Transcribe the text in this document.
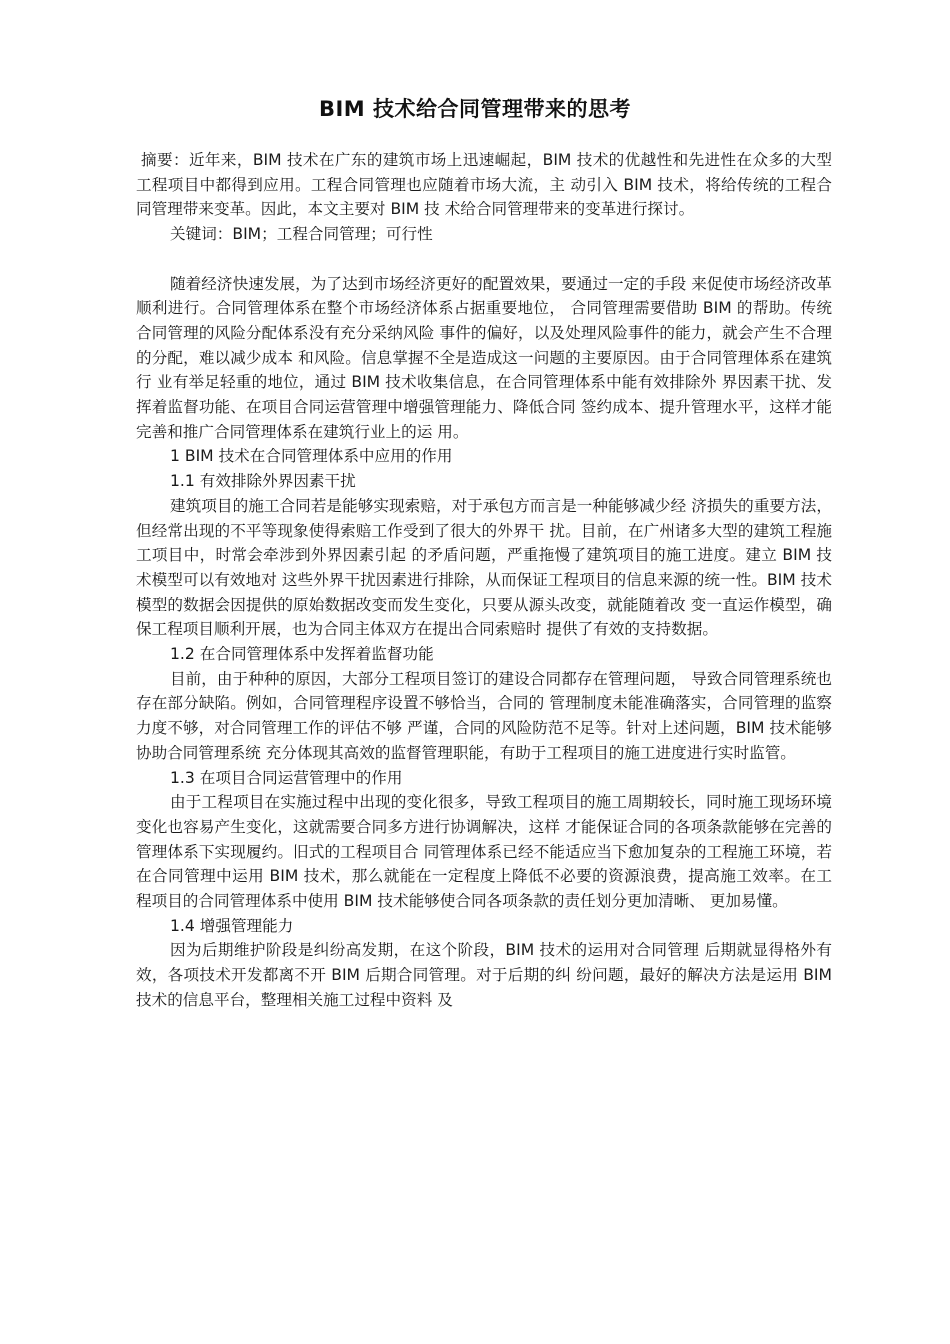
BIM 技术给合同管理带来的思考

摘要：近年来，BIM 技术在广东的建筑市场上迅速崛起，BIM 技术的优越性和先进性在众多的大型工程项目中都得到应用。工程合同管理也应随着市场大流，主 动引入 BIM 技术，将给传统的工程合同管理带来变革。因此，本文主要对 BIM 技 术给合同管理带来的变革进行探讨。

关键词：BIM；工程合同管理；可行性

随着经济快速发展，为了达到市场经济更好的配置效果，要通过一定的手段 来促使市场经济改革顺利进行。合同管理体系在整个市场经济体系占据重要地位， 合同管理需要借助 BIM 的帮助。传统合同管理的风险分配体系没有充分采纳风险 事件的偏好，以及处理风险事件的能力，就会产生不合理的分配，难以减少成本 和风险。信息掌握不全是造成这一问题的主要原因。由于合同管理体系在建筑行 业有举足轻重的地位，通过 BIM 技术收集信息，在合同管理体系中能有效排除外 界因素干扰、发挥着监督功能、在项目合同运营管理中增强管理能力、降低合同 签约成本、提升管理水平，这样才能完善和推广合同管理体系在建筑行业上的运 用。

1 BIM 技术在合同管理体系中应用的作用

1.1 有效排除外界因素干扰

建筑项目的施工合同若是能够实现索赔，对于承包方而言是一种能够减少经 济损失的重要方法，但经常出现的不平等现象使得索赔工作受到了很大的外界干 扰。目前，在广州诸多大型的建筑工程施工项目中，时常会牵涉到外界因素引起 的矛盾问题，严重拖慢了建筑项目的施工进度。建立 BIM 技术模型可以有效地对 这些外界干扰因素进行排除，从而保证工程项目的信息来源的统一性。BIM 技术 模型的数据会因提供的原始数据改变而发生变化，只要从源头改变，就能随着改 变一直运作模型，确保工程项目顺利开展，也为合同主体双方在提出合同索赔时 提供了有效的支持数据。

1.2 在合同管理体系中发挥着监督功能

目前，由于种种的原因，大部分工程项目签订的建设合同都存在管理问题， 导致合同管理系统也存在部分缺陷。例如，合同管理程序设置不够恰当，合同的 管理制度未能准确落实，合同管理的监察力度不够，对合同管理工作的评估不够 严谨，合同的风险防范不足等。针对上述问题，BIM 技术能够协助合同管理系统 充分体现其高效的监督管理职能，有助于工程项目的施工进度进行实时监管。

1.3 在项目合同运营管理中的作用

由于工程项目在实施过程中出现的变化很多，导致工程项目的施工周期较长，同时施工现场环境变化也容易产生变化，这就需要合同多方进行协调解决，这样 才能保证合同的各项条款能够在完善的管理体系下实现履约。旧式的工程项目合 同管理体系已经不能适应当下愈加复杂的工程施工环境，若在合同管理中运用 BIM 技术，那么就能在一定程度上降低不必要的资源浪费，提高施工效率。在工 程项目的合同管理体系中使用 BIM 技术能够使合同各项条款的责任划分更加清晰、 更加易懂。

1.4 增强管理能力

因为后期维护阶段是纠纷高发期，在这个阶段，BIM 技术的运用对合同管理 后期就显得格外有效，各项技术开发都离不开 BIM 后期合同管理。对于后期的纠 纷问题，最好的解决方法是运用 BIM 技术的信息平台，整理相关施工过程中资料 及
